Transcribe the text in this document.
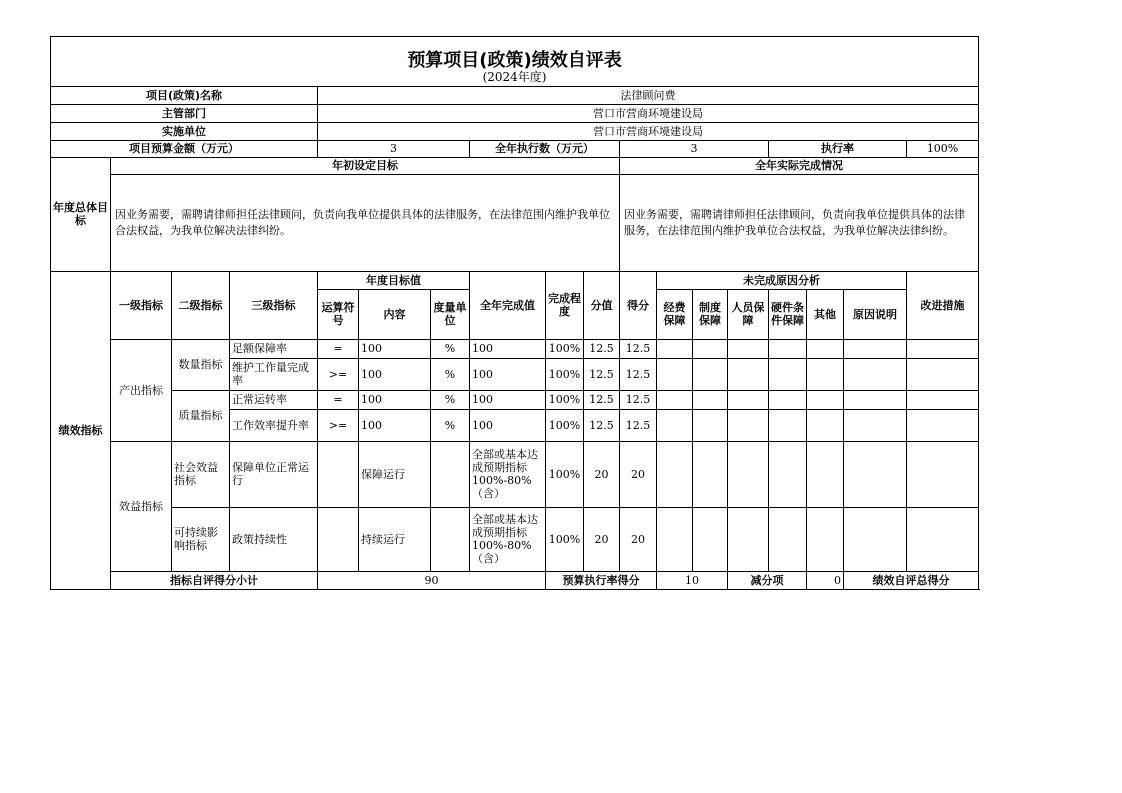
预算项目(政策)绩效自评表																		
(2024年度)																		
项目(政策)名称				法律顾问费														
主管部门				营口市营商环境建设局														
实施单位				营口市营商环境建设局														
项目预算金额（万元）				3			全年执行数（万元）			3				执行率			100%	
年度总体目标	年初设定目标									全年实际完成情况								
	因业务需要，需聘请律师担任法律顾问，负责向我单位提供具体的法律服务，在法律范围内维护我单位合法权益，为我单位解决法律纠纷。									因业务需要，需聘请律师担任法律顾问，负责向我单位提供具体的法律服务，在法律范围内维护我单位合法权益，为我单位解决法律纠纷。								
绩效指标	一级指标	二级指标	三级指标	年度目标值			全年完成值	完成程度	分值	得分	未完成原因分析						改进措施	
				运算符号	内容	度量单位					经费保障	制度保障	人员保障	硬件条件保障	其他	原因说明		
	产出指标	数量指标	足额保障率	=	100	%	100	100%	12.5	12.5								
			维护工作量完成率	>=	100	%	100	100%	12.5	12.5								
		质量指标	正常运转率	=	100	%	100	100%	12.5	12.5								
			工作效率提升率	>=	100	%	100	100%	12.5	12.5								
	效益指标	社会效益指标	保障单位正常运行		保障运行		全部或基本达成预期指标100%-80%（含）	100%	20	20								
		可持续影响指标	政策持续性		持续运行		全部或基本达成预期指标100%-80%（含）	100%	20	20								
	指标自评得分小计			90				预算执行率得分			10		减分项		0	绩效自评总得分	
